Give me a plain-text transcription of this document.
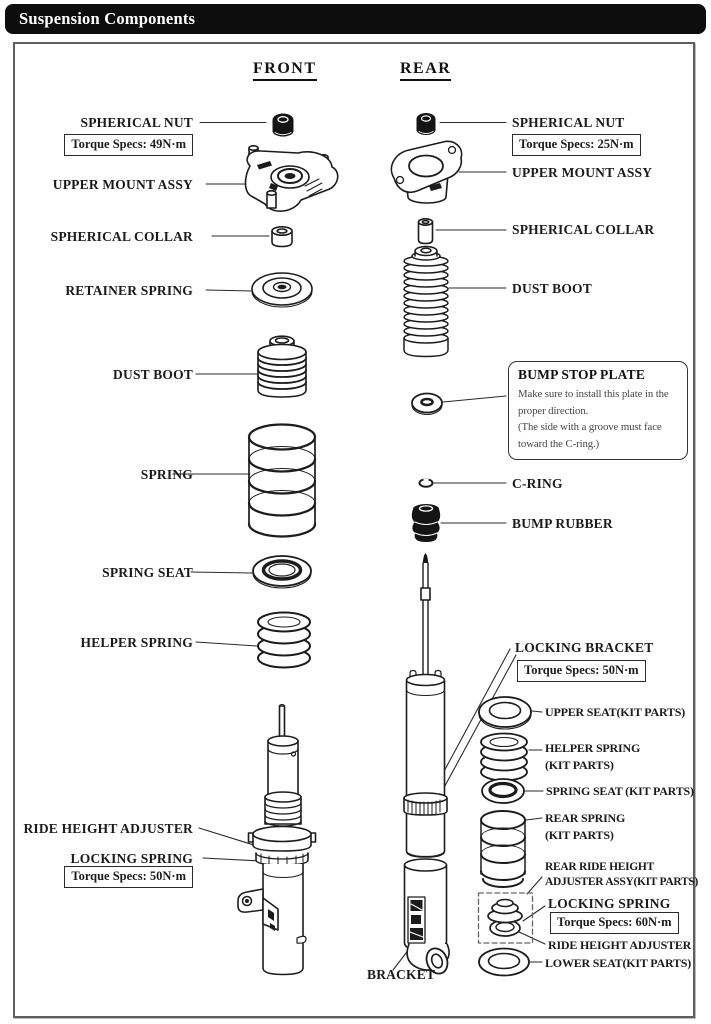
Suspension Components
FRONT	REAR
SPHERICAL NUT
Torque Specs: 49N·m
UPPER MOUNT ASSY
SPHERICAL COLLAR
RETAINER SPRING
DUST BOOT
SPRING
SPRING SEAT
HELPER SPRING
RIDE HEIGHT ADJUSTER
LOCKING SPRING
Torque Specs: 50N·m
SPHERICAL NUT
Torque Specs: 25N·m
UPPER MOUNT ASSY
SPHERICAL COLLAR
DUST BOOT
BUMP STOP PLATE
Make sure to install this plate in the
proper direction.
(The side with a groove must face
toward the C-ring.)
C-RING
BUMP RUBBER
LOCKING BRACKET
Torque Specs: 50N·m
UPPER SEAT(KIT PARTS)
HELPER SPRING
(KIT PARTS)
SPRING SEAT (KIT PARTS)
REAR SPRING
(KIT PARTS)
REAR RIDE HEIGHT
ADJUSTER ASSY(KIT PARTS)
LOCKING SPRING
Torque Specs: 60N·m
RIDE HEIGHT ADJUSTER
LOWER SEAT(KIT PARTS)
BRACKET
